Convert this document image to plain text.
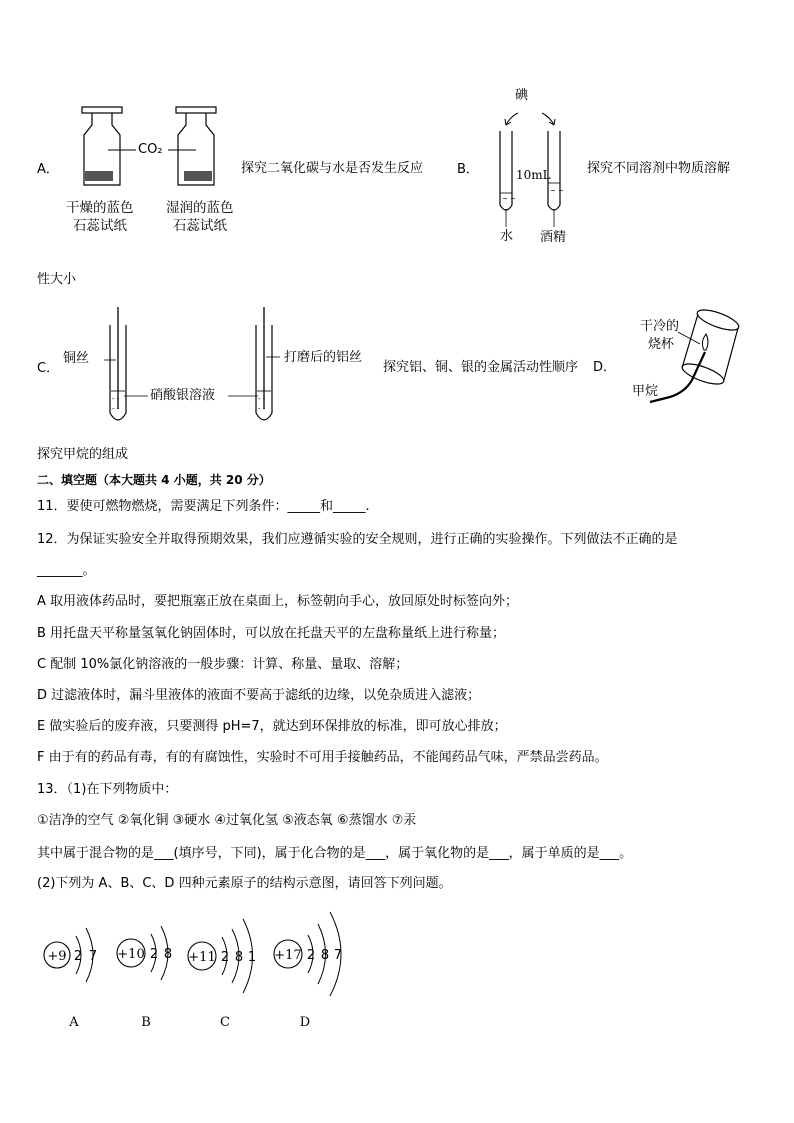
A．
CO₂
干燥的蓝色
石蕊试纸
湿润的蓝色
石蕊试纸
探究二氧化碳与水是否发生反应	B．
碘
~ ~
~ ~
10mL
水 酒精
探究不同溶剂中物质溶解
性大小
C．
- -
- -
- -
- -
铜丝	打磨后的铝丝
硝酸银溶液
探究铝、铜、银的金属活动性顺序 D．
干冷的
烧杯
甲烷
探究甲烷的组成
二、填空题（本大题共 4 小题，共 20 分）
11．要使可燃物燃烧，需要满足下列条件：_____和_____.
12．为保证实验安全并取得预期效果，我们应遵循实验的安全规则，进行正确的实验操作。下列做法不正确的是
_______。
A 取用液体药品时，要把瓶塞正放在桌面上，标签朝向手心，放回原处时标签向外；
B 用托盘天平称量氢氧化钠固体时，可以放在托盘天平的左盘称量纸上进行称量；
C 配制 10%氯化钠溶液的一般步骤：计算、称量、量取、溶解；
D 过滤液体时，漏斗里液体的液面不要高于滤纸的边缘，以免杂质进入滤液；
E 做实验后的废弃液，只要测得 pH=7，就达到环保排放的标准，即可放心排放；
F 由于有的药品有毒，有的有腐蚀性，实验时不可用手接触药品，不能闻药品气味，严禁品尝药品。
13．（1)在下列物质中：
①洁净的空气 ②氧化铜 ③硬水 ④过氧化氢 ⑤液态氧 ⑥蒸馏水 ⑦汞
其中属于混合物的是___(填序号，下同)，属于化合物的是___，属于氧化物的是___，属于单质的是___。
(2)下列为 A、B、C、D 四种元素原子的结构示意图，请回答下列问题。
+9 2 7 +10 2 8 +11 2 8 1 +17 2 8 7
A	B	C	D
